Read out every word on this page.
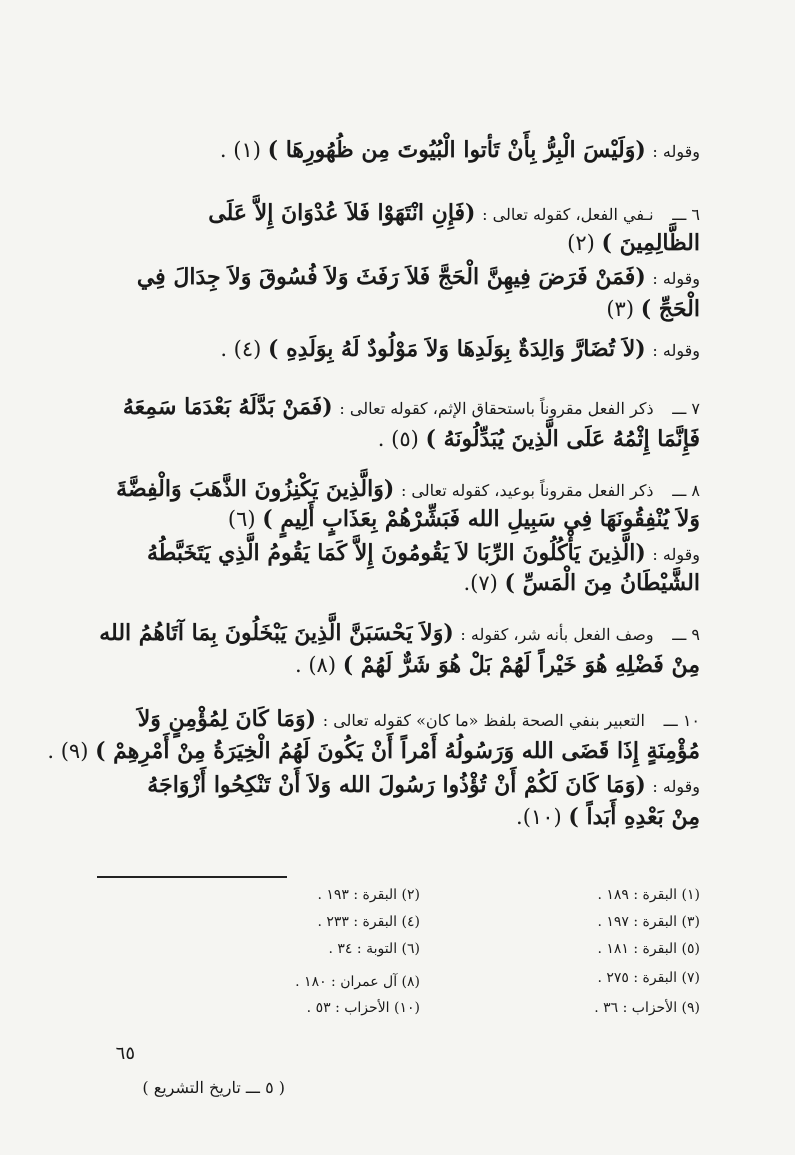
وقوله : (وَلَيْسَ الْبِرُّ بِأَنْ تَأتوا الْبُيُوتَ مِن ظُهُورِهَا ) (١) .
٦ ـــ نـفي الفعل، كقوله تعالى : (فَإِنِ انْتَهَوْا فَلاَ عُدْوَانَ إِلاَّ عَلَى
الظَّالِمِينَ ) (٢)
وقوله : (فَمَنْ فَرَضَ فِيهِنَّ الْحَجَّ فَلاَ رَفَثَ وَلاَ فُسُوقَ وَلاَ جِدَالَ فِي
الْحَجِّ ) (٣)
وقوله : (لاَ تُضَارَّ وَالِدَةٌ بِوَلَدِهَا وَلاَ مَوْلُودٌ لَهُ بِوَلَدِهِ ) (٤) .
٧ ـــ ذكر الفعل مقروناً باستحقاق الإثم، كقوله تعالى : (فَمَنْ بَدَّلَهُ بَعْدَمَا سَمِعَهُ
فَإِنَّمَا إِثْمُهُ عَلَى الَّذِينَ يُبَدِّلُونَهُ ) (٥) .
٨ ـــ ذكر الفعل مقروناً بوعيد، كقوله تعالى : (وَالَّذِينَ يَكْنِزُونَ الذَّهَبَ وَالْفِضَّةَ
وَلاَ يُنْفِقُونَهَا فِي سَبِيلِ الله فَبَشِّرْهُمْ بِعَذَابٍ أَلِيمٍ ) (٦)
وقوله : (الَّذِينَ يَأْكُلُونَ الرِّبَا لاَ يَقُومُونَ إِلاَّ كَمَا يَقُومُ الَّذِي يَتَخَبَّطُهُ
الشَّيْطَانُ مِنَ الْمَسِّ ) (٧).
٩ ـــ وصف الفعل بأنه شر، كقوله : (وَلاَ يَحْسَبَنَّ الَّذِينَ يَبْخَلُونَ بِمَا آتَاهُمُ الله
مِنْ فَضْلِهِ هُوَ خَيْراً لَهُمْ بَلْ هُوَ شَرٌّ لَهُمْ ) (٨) .
١٠ ـــ التعبير بنفي الصحة بلفظ «ما كان» كقوله تعالى : (وَمَا كَانَ لِمُؤْمِنٍ وَلاَ
مُؤْمِنَةٍ إِذَا قَضَى الله وَرَسُولُهُ أَمْراً أَنْ يَكُونَ لَهُمُ الْخِيَرَةُ مِنْ أَمْرِهِمْ ) (٩) .
وقوله : (وَمَا كَانَ لَكُمْ أَنْ تُؤْذُوا رَسُولَ الله وَلاَ أَنْ تَنْكِحُوا أَزْوَاجَهُ
مِنْ بَعْدِهِ أَبَداً ) (١٠).
(١) البقرة : ١٨٩ .
(٢) البقرة : ١٩٣ .
(٣) البقرة : ١٩٧ .
(٤) البقرة : ٢٣٣ .
(٥) البقرة : ١٨١ .
(٦) التوبة : ٣٤ .
(٧) البقرة : ٢٧٥ .
(٨) آل عمران : ١٨٠ .
(٩) الأحزاب : ٣٦ .
(١٠) الأحزاب : ٥٣ .
٦٥
( ٥ ـــ تاريخ التشريع )
